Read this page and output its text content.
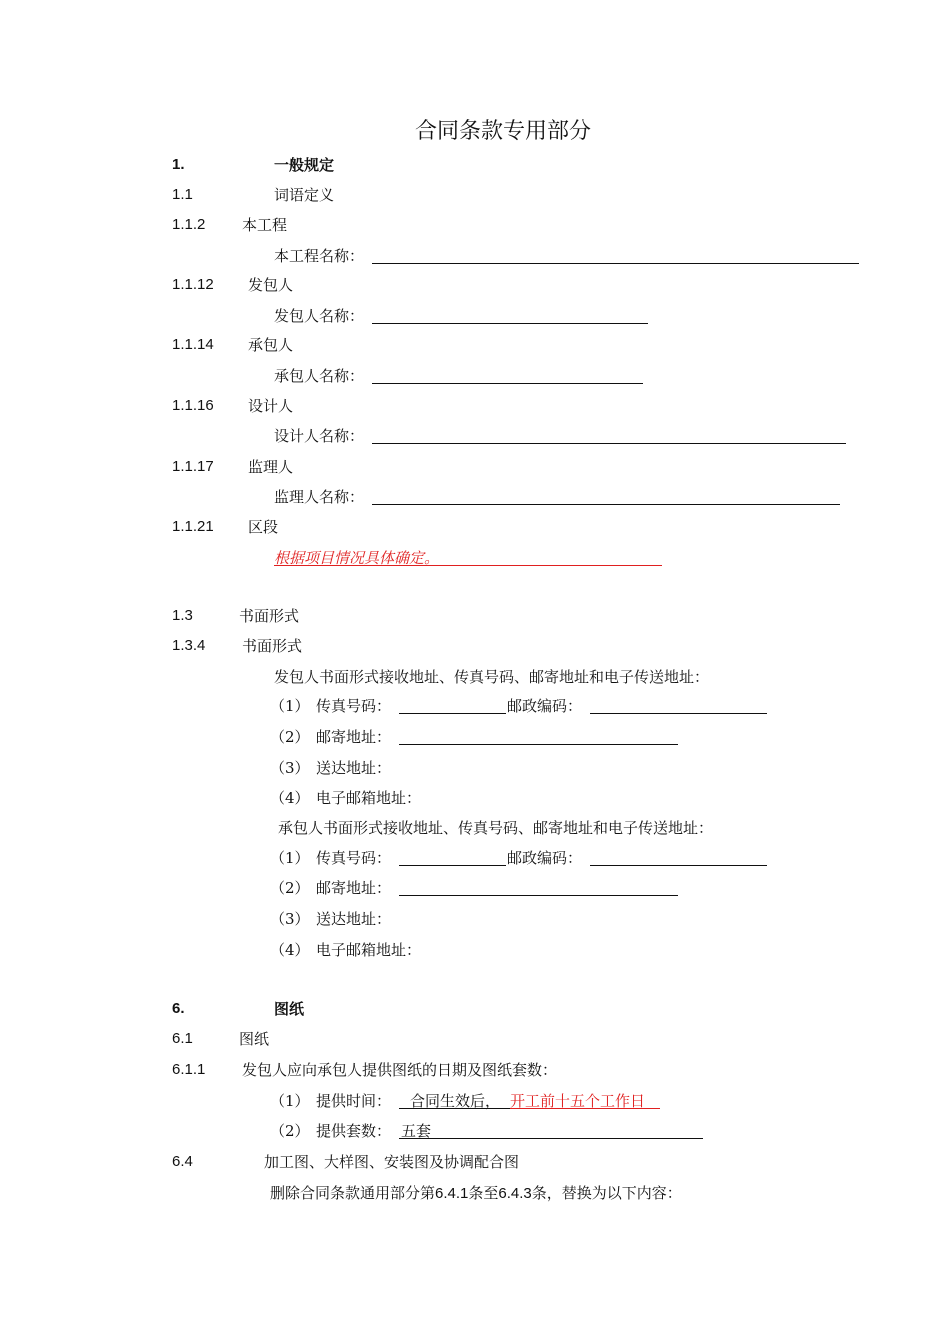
合同条款专用部分
1.	一般规定
1.1	词语定义
1.1.2 本工程
本工程名称：
1.1.12 发包人
发包人名称：
1.1.14 承包人
承包人名称：
1.1.16 设计人
设计人名称：
1.1.17 监理人
监理人名称：
1.1.21 区段
根据项目情况具体确定。
1.3	书面形式
1.3.4 书面形式
发包人书面形式接收地址、传真号码、邮寄地址和电子传送地址：
（1） 传真号码：	邮政编码：
（2） 邮寄地址：
（3） 送达地址：
（4） 电子邮箱地址：
承包人书面形式接收地址、传真号码、邮寄地址和电子传送地址：
（1） 传真号码：	邮政编码：
（2） 邮寄地址：
（3） 送达地址：
（4） 电子邮箱地址：
6.	图纸
6.1	图纸
6.1.1 发包人应向承包人提供图纸的日期及图纸套数：
（1） 提供时间： 合同生效后， 开工前十五个工作日
（2） 提供套数： 五套
6.4	加工图、大样图、安装图及协调配合图
删除合同条款通用部分第6.4.1条至6.4.3条，替换为以下内容：
